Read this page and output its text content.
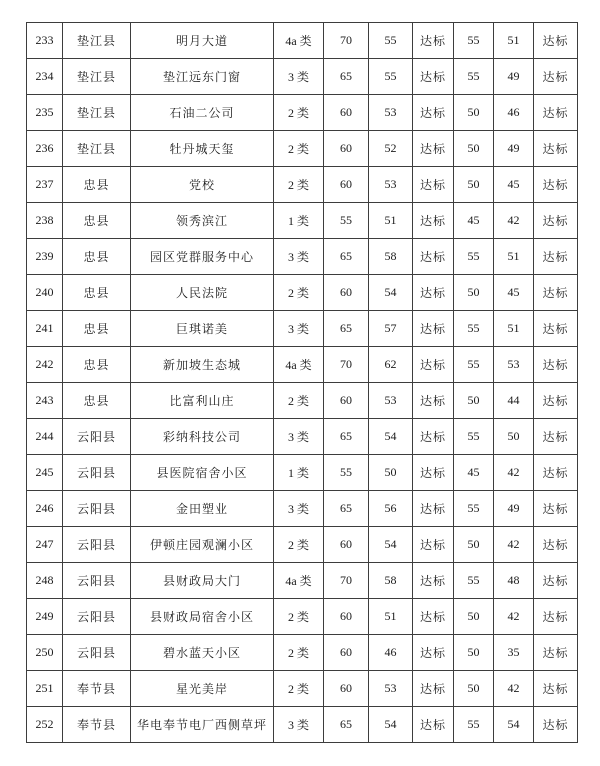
233	垫江县	明月大道	4a 类	70	55	达标	55	51	达标
234	垫江县	垫江远东门窗	3 类	65	55	达标	55	49	达标
235	垫江县	石油二公司	2 类	60	53	达标	50	46	达标
236	垫江县	牡丹城天玺	2 类	60	52	达标	50	49	达标
237	忠县	党校	2 类	60	53	达标	50	45	达标
238	忠县	领秀滨江	1 类	55	51	达标	45	42	达标
239	忠县	园区党群服务中心	3 类	65	58	达标	55	51	达标
240	忠县	人民法院	2 类	60	54	达标	50	45	达标
241	忠县	巨琪诺美	3 类	65	57	达标	55	51	达标
242	忠县	新加坡生态城	4a 类	70	62	达标	55	53	达标
243	忠县	比富利山庄	2 类	60	53	达标	50	44	达标
244	云阳县	彩纳科技公司	3 类	65	54	达标	55	50	达标
245	云阳县	县医院宿舍小区	1 类	55	50	达标	45	42	达标
246	云阳县	金田塑业	3 类	65	56	达标	55	49	达标
247	云阳县	伊顿庄园观澜小区	2 类	60	54	达标	50	42	达标
248	云阳县	县财政局大门	4a 类	70	58	达标	55	48	达标
249	云阳县	县财政局宿舍小区	2 类	60	51	达标	50	42	达标
250	云阳县	碧水蓝天小区	2 类	60	46	达标	50	35	达标
251	奉节县	星光美岸	2 类	60	53	达标	50	42	达标
252	奉节县	华电奉节电厂西侧草坪	3 类	65	54	达标	55	54	达标
